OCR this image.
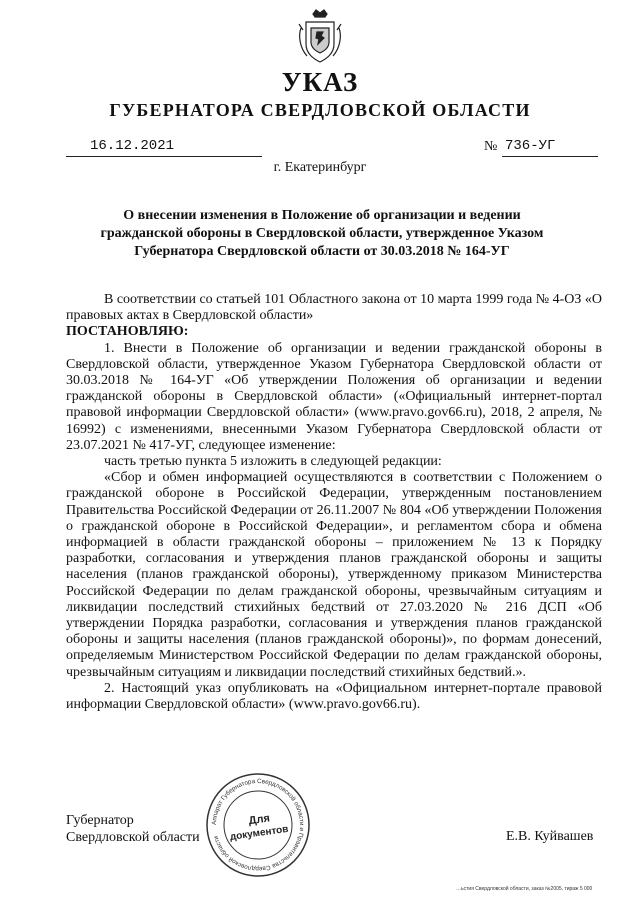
УКАЗ
ГУБЕРНАТОРА СВЕРДЛОВСКОЙ ОБЛАСТИ
16.12.2021	№ 736-УГ
г. Екатеринбург
О внесении изменения в Положение об организации и ведении гражданской обороны в Свердловской области, утвержденное Указом Губернатора Свердловской области от 30.03.2018 № 164-УГ

В соответствии со статьей 101 Областного закона от 10 марта 1999 года № 4-ОЗ «О правовых актах в Свердловской области»

ПОСТАНОВЛЯЮ:

1. Внести в Положение об организации и ведении гражданской обороны в Свердловской области, утвержденное Указом Губернатора Свердловской области от 30.03.2018 № 164-УГ «Об утверждении Положения об организации и ведении гражданской обороны в Свердловской области» («Официальный интернет-портал правовой информации Свердловской области» (www.pravo.gov66.ru), 2018, 2 апреля, № 16992) с изменениями, внесенными Указом Губернатора Свердловской области от 23.07.2021 № 417-УГ, следующее изменение:

часть третью пункта 5 изложить в следующей редакции:

«Сбор и обмен информацией осуществляются в соответствии с Положением о гражданской обороне в Российской Федерации, утвержденным постановлением Правительства Российской Федерации от 26.11.2007 № 804 «Об утверждении Положения о гражданской обороне в Российской Федерации», и регламентом сбора и обмена информацией в области гражданской обороны – приложением № 13 к Порядку разработки, согласования и утверждения планов гражданской обороны и защиты населения (планов гражданской обороны), утвержденному приказом Министерства Российской Федерации по делам гражданской обороны, чрезвычайным ситуациям и ликвидации последствий стихийных бедствий от 27.03.2020 № 216 ДСП «Об утверждении Порядка разработки, согласования и утверждения планов гражданской обороны и защиты населения (планов гражданской обороны)», по формам донесений, определяемым Министерством Российской Федерации по делам гражданской обороны, чрезвычайным ситуациям и ликвидации последствий стихийных бедствий.».

2. Настоящий указ опубликовать на «Официальном интернет-портале правовой информации Свердловской области» (www.pravo.gov66.ru).

Губернатор
Свердловской области	Е.В. Куйвашев
Аппарат Губернатора Свердловской области и Правительства Свердловской области
Для
документов
…ьстия Свердловской области, заказ №2005, тираж 5 000
